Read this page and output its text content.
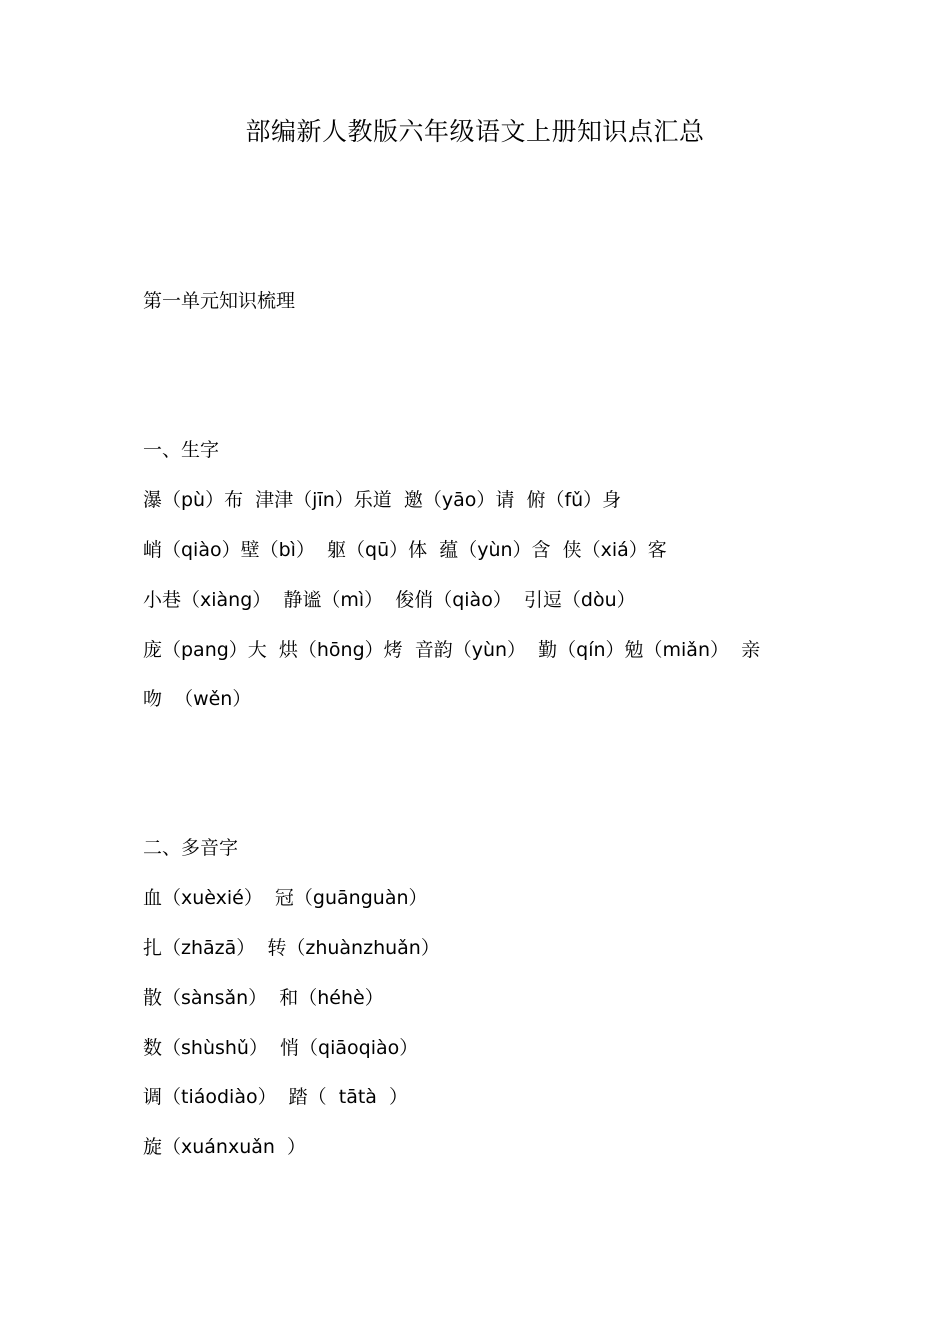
部编新人教版六年级语文上册知识点汇总
第一单元知识梳理
一、生字
瀑（pù）布  津津（jīn）乐道  邀（yāo）请  俯（fǔ）身
峭（qiào）壁（bì）  躯（qū）体  蕴（yùn）含  侠（xiá）客
小巷（xiàng）  静谧（mì）  俊俏（qiào）  引逗（dòu）
庞（pang）大  烘（hōng）烤  音韵（yùn）  勤（qín）勉（miǎn）  亲
吻  （wěn）
二、多音字
血（xuèxié）  冠（guānguàn）
扎（zhāzā）  转（zhuànzhuǎn）
散（sànsǎn）  和（héhè）
数（shùshǔ）  悄（qiāoqiào）
调（tiáodiào）  踏（  tātà  ）
旋（xuánxuǎn  ）
